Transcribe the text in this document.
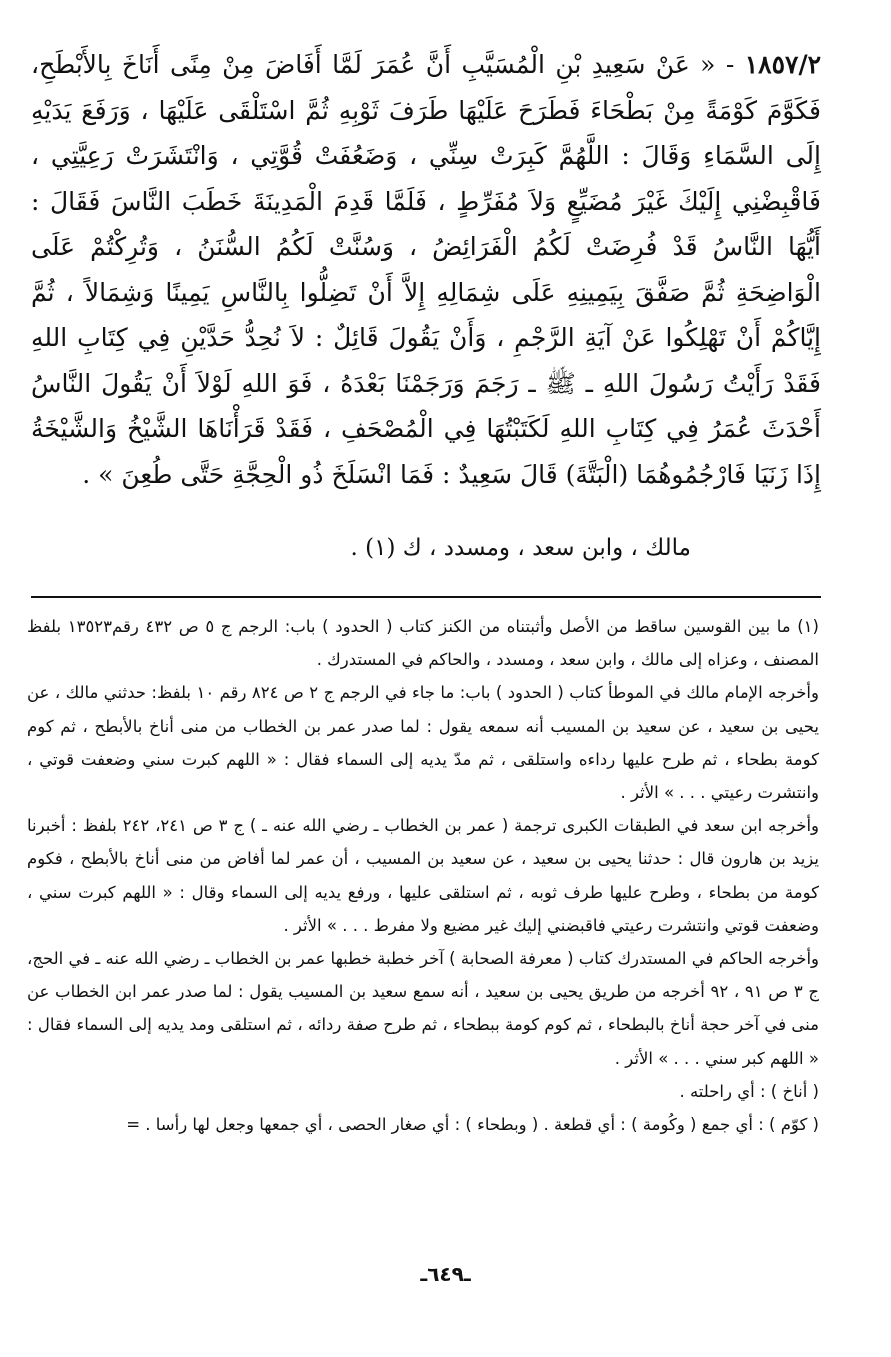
١٨٥٧/٢ - « عَنْ سَعِيدِ بْنِ الْمُسَيَّبِ أَنَّ عُمَرَ لَمَّا أَفَاضَ مِنْ مِنًى أَنَاخَ بِالأَبْطَحِ، فَكَوَّمَ كَوْمَةً مِنْ بَطْحَاءَ فَطَرَحَ عَلَيْهَا طَرَفَ ثَوْبِهِ ثُمَّ اسْتَلْقَى عَلَيْهَا ، وَرَفَعَ يَدَيْهِ إِلَى السَّمَاءِ وَقَالَ : اللَّهُمَّ كَبِرَتْ سِنِّي ، وَضَعُفَتْ قُوَّتِي ، وَانْتَشَرَتْ رَعِيَّتِي ، فَاقْبِضْنِي إِلَيْكَ غَيْرَ مُضَيِّعٍ وَلاَ مُفَرِّطٍ ، فَلَمَّا قَدِمَ الْمَدِينَةَ خَطَبَ النَّاسَ فَقَالَ : أَيُّهَا النَّاسُ قَدْ فُرِضَتْ لَكُمُ الْفَرَائِضُ ، وَسُنَّتْ لَكُمُ السُّنَنُ ، وَتُرِكْتُمْ عَلَى الْوَاضِحَةِ ثُمَّ صَفَّقَ بِيَمِينِهِ عَلَى شِمَالِهِ إِلاَّ أَنْ تَضِلُّوا بِالنَّاسِ يَمِينًا وَشِمَالاً ، ثُمَّ إِيَّاكُمْ أَنْ تَهْلِكُوا عَنْ آيَةِ الرَّجْمِ ، وَأَنْ يَقُولَ قَائِلٌ : لاَ نُحِدُّ حَدَّيْنِ فِي كِتَابِ اللهِ فَقَدْ رَأَيْتُ رَسُولَ اللهِ ـ ﷺ ـ رَجَمَ وَرَجَمْنَا بَعْدَهُ ، فَوَ اللهِ لَوْلاَ أَنْ يَقُولَ النَّاسُ أَحْدَثَ عُمَرُ فِي كِتَابِ اللهِ لَكَتَبْتُهَا فِي الْمُصْحَفِ ، فَقَدْ قَرَأْنَاهَا الشَّيْخُ وَالشَّيْخَةُ إِذَا زَنَيَا فَارْجُمُوهُمَا (الْبَتَّةَ) قَالَ سَعِيدٌ : فَمَا انْسَلَخَ ذُو الْحِجَّةِ حَتَّى طُعِنَ » .

مالك ، وابن سعد ، ومسدد ، ك (١) .

(١) ما بين القوسين ساقط من الأصل وأثبتناه من الكنز كتاب ( الحدود ) باب: الرجم ج ٥ ص ٤٣٢ رقم١٣٥٢٣ بلفظ المصنف ، وعزاه إلى مالك ، وابن سعد ، ومسدد ، والحاكم في المستدرك .

وأخرجه الإمام مالك في الموطأ كتاب ( الحدود ) باب: ما جاء في الرجم ج ٢ ص ٨٢٤ رقم ١٠ بلفظ: حدثني مالك ، عن يحيى بن سعيد ، عن سعيد بن المسيب أنه سمعه يقول : لما صدر عمر بن الخطاب من منى أناخ بالأبطح ، ثم كوم كومة بطحاء ، ثم طرح عليها رداءه واستلقى ، ثم مدّ يديه إلى السماء فقال : « اللهم كبرت سني وضعفت قوتي ، وانتشرت رعيتي . . . » الأثر .

وأخرجه ابن سعد في الطبقات الكبرى ترجمة ( عمر بن الخطاب ـ رضي الله عنه ـ ) ج ٣ ص ٢٤١، ٢٤٢ بلفظ : أخبرنا يزيد بن هارون قال : حدثنا يحيى بن سعيد ، عن سعيد بن المسيب ، أن عمر لما أفاض من منى أناخ بالأبطح ، فكوم كومة من بطحاء ، وطرح عليها طرف ثوبه ، ثم استلقى عليها ، ورفع يديه إلى السماء وقال : « اللهم كبرت سني ، وضعفت قوتي وانتشرت رعيتي فاقبضني إليك غير مضيع ولا مفرط . . . » الأثر .

وأخرجه الحاكم في المستدرك كتاب ( معرفة الصحابة ) آخر خطبة خطبها عمر بن الخطاب ـ رضي الله عنه ـ في الحج، ج ٣ ص ٩١ ، ٩٢ أخرجه من طريق يحيى بن سعيد ، أنه سمع سعيد بن المسيب يقول : لما صدر عمر ابن الخطاب عن منى في آخر حجة أناخ بالبطحاء ، ثم كوم كومة ببطحاء ، ثم طرح صفة ردائه ، ثم استلقى ومد يديه إلى السماء فقال : « اللهم كبر سني . . . » الأثر .

( أناخ ) : أي راحلته .

( كوّم ) : أي جمع ( وكُومة ) : أي قطعة . ( وبطحاء ) : أي صغار الحصى ، أي جمعها وجعل لها رأسا . =

ـ٦٤٩ـ
